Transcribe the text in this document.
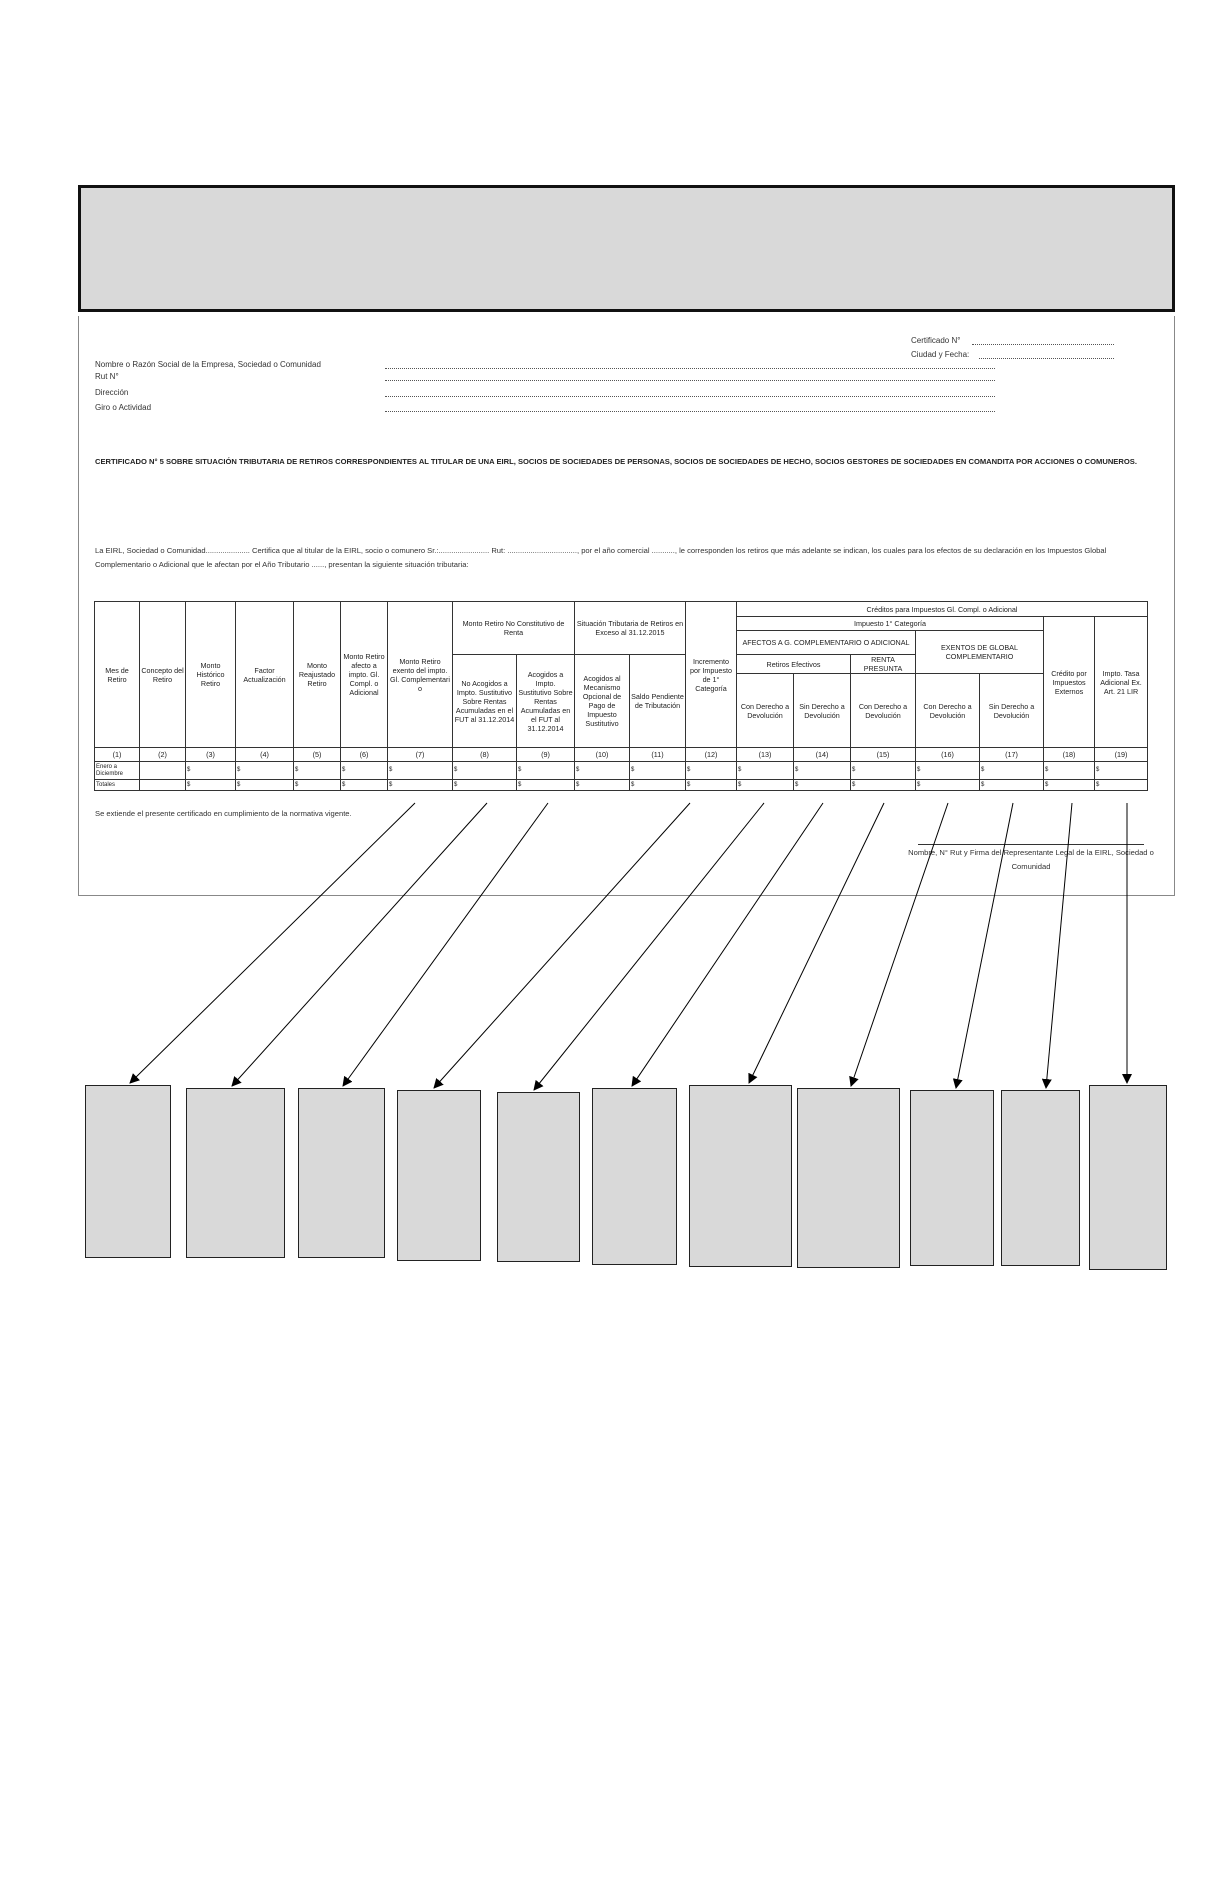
Certificado N°
Ciudad y Fecha:
Nombre o Razón Social de la Empresa, Sociedad o Comunidad
Rut N°
Dirección
Giro o Actividad
CERTIFICADO N° 5 SOBRE SITUACIÓN TRIBUTARIA DE RETIROS CORRESPONDIENTES AL TITULAR DE UNA EIRL, SOCIOS DE SOCIEDADES DE PERSONAS, SOCIOS DE SOCIEDADES DE HECHO, SOCIOS GESTORES DE SOCIEDADES EN COMANDITA POR ACCIONES O COMUNEROS.
La EIRL, Sociedad o Comunidad..................... Certifica que al titular de la EIRL, socio o comunero Sr.:........................ Rut: ................................., por el año comercial ..........., le corresponden los retiros que más adelante se indican, los cuales para los efectos de su declaración en los Impuestos Global Complementario o Adicional que le afectan por el Año Tributario ......, presentan la siguiente situación tributaria:
Mes de Retiro	Concepto del Retiro	Monto Histórico Retiro	Factor Actualización	Monto Reajustado Retiro	Monto Retiro afecto a impto. Gl. Compl. o Adicional	Monto Retiro exento del impto. Gl. Complementari o	Monto Retiro No Constitutivo de Renta		Situación Tributaria de Retiros en Exceso al 31.12.2015		Incremento por Impuesto de 1° Categoría	Créditos para Impuestos Gl. Compl. o Adicional						
												Impuesto 1° Categoría					Crédito por Impuestos Externos	Impto. Tasa Adicional Ex. Art. 21 LIR
												AFECTOS A G. COMPLEMENTARIO O ADICIONAL			EXENTOS DE GLOBAL COMPLEMENTARIO			
							No Acogidos a Impto. Sustitutivo Sobre Rentas Acumuladas en el FUT al 31.12.2014	Acogidos a Impto. Sustitutivo Sobre Rentas Acumuladas en el FUT al 31.12.2014	Acogidos al Mecanismo Opcional de Pago de Impuesto Sustitutivo	Saldo Pendiente de Tributación		Retiros Efectivos		RENTA PRESUNTA				
												Con Derecho a Devolución	Sin Derecho a Devolución	Con Derecho a Devolución	Con Derecho a Devolución	Sin Derecho a Devolución		
(1)	(2)	(3)	(4)	(5)	(6)	(7)	(8)	(9)	(10)	(11)	(12)	(13)	(14)	(15)	(16)	(17)	(18)	(19)
Enero a Diciembre		$	$	$	$	$	$	$	$	$	$	$	$	$	$	$	$	$
Totales		$	$	$	$	$	$	$	$	$	$	$	$	$	$	$	$	$
Se extiende el presente certificado en cumplimiento de la normativa vigente.
Nombre, N° Rut y Firma del Representante Legal de la EIRL, Sociedad o Comunidad
